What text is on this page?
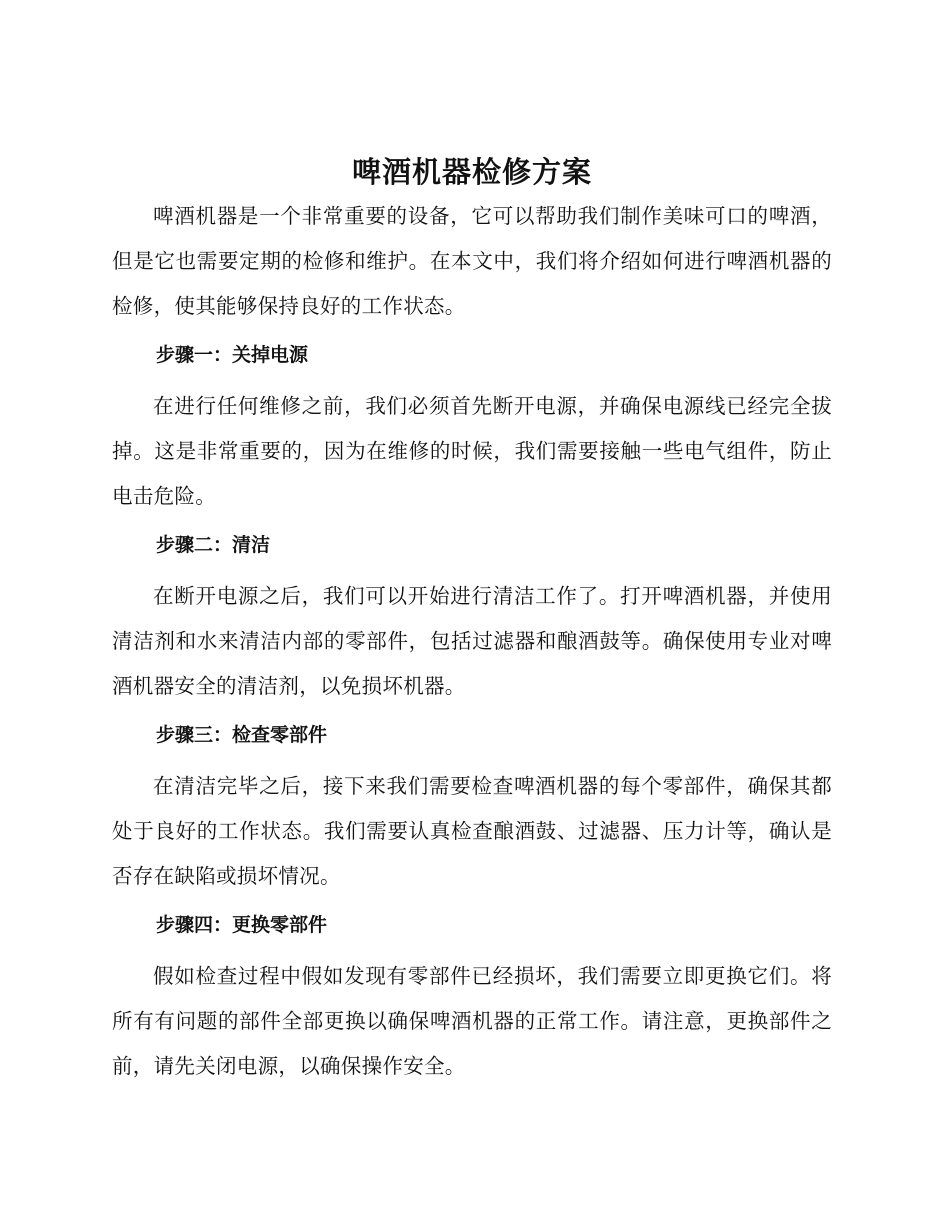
啤酒机器检修方案

啤酒机器是一个非常重要的设备，它可以帮助我们制作美味可口的啤酒，但是它也需要定期的检修和维护。在本文中，我们将介绍如何进行啤酒机器的检修，使其能够保持良好的工作状态。

步骤一：关掉电源

在进行任何维修之前，我们必须首先断开电源，并确保电源线已经完全拔掉。这是非常重要的，因为在维修的时候，我们需要接触一些电气组件，防止电击危险。

步骤二：清洁

在断开电源之后，我们可以开始进行清洁工作了。打开啤酒机器，并使用清洁剂和水来清洁内部的零部件，包括过滤器和酿酒鼓等。确保使用专业对啤酒机器安全的清洁剂，以免损坏机器。

步骤三：检查零部件

在清洁完毕之后，接下来我们需要检查啤酒机器的每个零部件，确保其都处于良好的工作状态。我们需要认真检查酿酒鼓、过滤器、压力计等，确认是否存在缺陷或损坏情况。

步骤四：更换零部件

假如检查过程中假如发现有零部件已经损坏，我们需要立即更换它们。将所有有问题的部件全部更换以确保啤酒机器的正常工作。请注意，更换部件之前，请先关闭电源，以确保操作安全。
